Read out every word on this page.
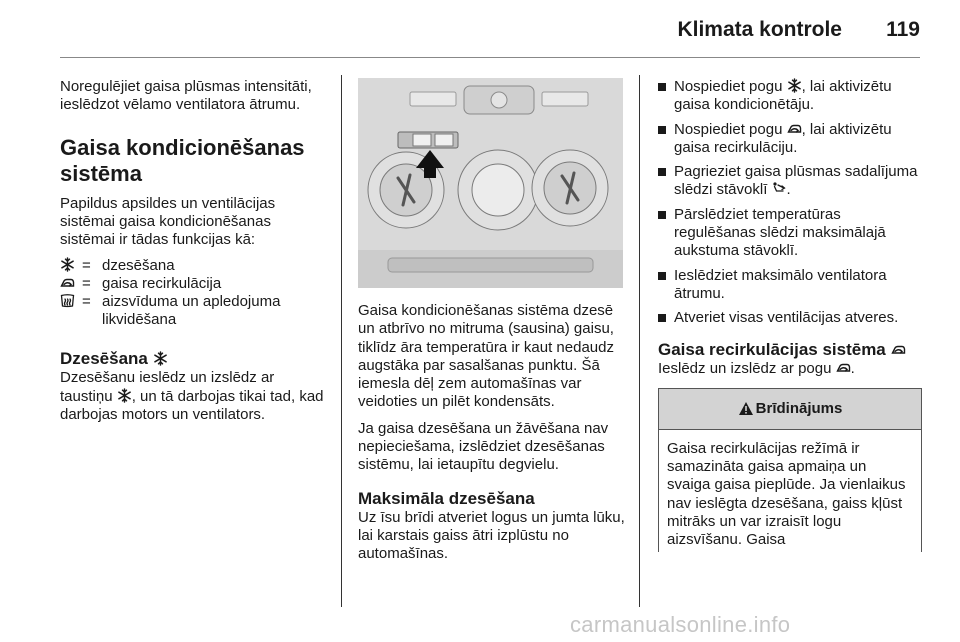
Klimata kontrole 119

Noregulējiet gaisa plūsmas intensitāti, ieslēdzot vēlamo ventilatora ātrumu.

Gaisa kondicionēšanas sistēma

Papildus apsildes un ventilācijas sistēmai gaisa kondicionēšanas sistēmai ir tādas funkcijas kā:

= dzesēšana
= gaisa recirkulācija
= aizsvīduma un apledojuma likvidēšana
Dzesēšana

Dzesēšanu ieslēdz un izslēdz ar taustiņu , un tā darbojas tikai tad, kad darbojas motors un ventilators.

Gaisa kondicionēšanas sistēma dzesē un atbrīvo no mitruma (sausina) gaisu, tiklīdz āra temperatūra ir kaut nedaudz augstāka par sasalšanas punktu. Šā iemesla dēļ zem automašīnas var veidoties un pilēt kondensāts.

Ja gaisa dzesēšana un žāvēšana nav nepieciešama, izslēdziet dzesēšanas sistēmu, lai ietaupītu degvielu.

Maksimāla dzesēšana

Uz īsu brīdi atveriet logus un jumta lūku, lai karstais gaiss ātri izplūstu no automašīnas.

Nospiediet pogu , lai aktivizētu gaisa kondicionētāju.
Nospiediet pogu , lai aktivizētu gaisa recirkulāciju.
Pagrieziet gaisa plūsmas sadalījuma slēdzi stāvoklī .
Pārslēdziet temperatūras regulēšanas slēdzi maksimālajā aukstuma stāvoklī.
Ieslēdziet maksimālo ventilatora ātrumu.
Atveriet visas ventilācijas atveres.
Gaisa recirkulācijas sistēma

Ieslēdz un izslēdz ar pogu .

Brīdinājums

Gaisa recirkulācijas režīmā ir samazināta gaisa apmaiņa un svaiga gaisa pieplūde. Ja vienlaikus nav ieslēgta dzesēšana, gaiss kļūst mitrāks un var izraisīt logu aizsvīšanu. Gaisa

carmanualsonline.info
